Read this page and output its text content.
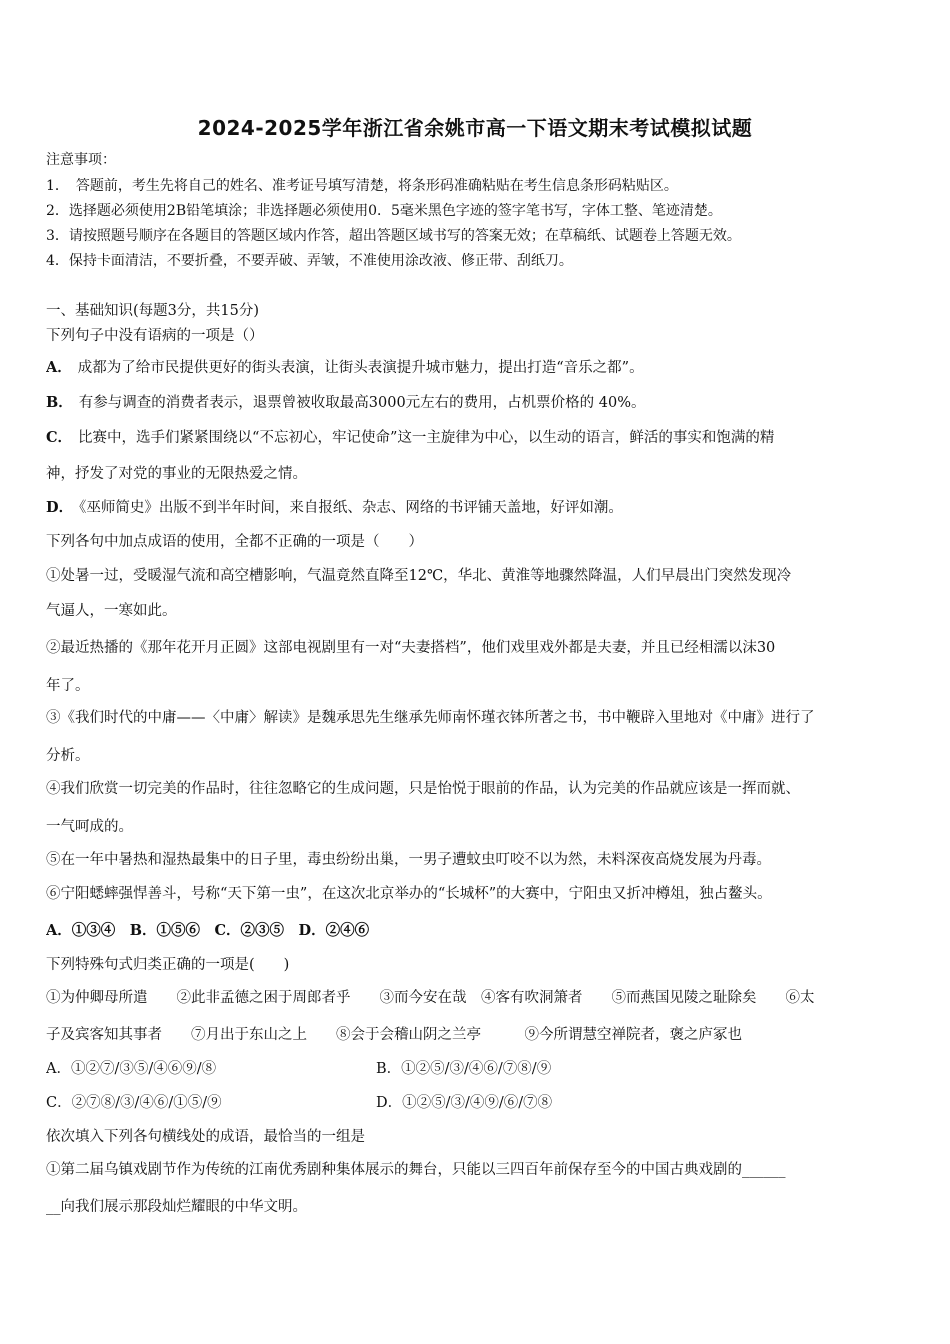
2024-2025学年浙江省余姚市高一下语文期末考试模拟试题
注意事项：
1．　答题前，考生先将自己的姓名、准考证号填写清楚，将条形码准确粘贴在考生信息条形码粘贴区。
2．选择题必须使用2B铅笔填涂；非选择题必须使用0．5毫米黑色字迹的签字笔书写，字体工整、笔迹清楚。
3．请按照题号顺序在各题目的答题区域内作答，超出答题区域书写的答案无效；在草稿纸、试题卷上答题无效。
4．保持卡面清洁，不要折叠，不要弄破、弄皱，不准使用涂改液、修正带、刮纸刀。
一、基础知识(每题3分，共15分)
下列句子中没有语病的一项是（）
A． 成都为了给市民提供更好的街头表演，让街头表演提升城市魅力，提出打造“音乐之都”。
B． 有参与调查的消费者表示，退票曾被收取最高3000元左右的费用，占机票价格的 40%。
C． 比赛中，选手们紧紧围绕以“不忘初心，牢记使命”这一主旋律为中心，以生动的语言，鲜活的事实和饱满的精
神，抒发了对党的事业的无限热爱之情。
D． 《巫师简史》出版不到半年时间，来自报纸、杂志、网络的书评铺天盖地，好评如潮。
下列各句中加点成语的使用，全都不正确的一项是（　　）
①处暑一过，受暖湿气流和高空槽影响，气温竟然直降至12℃，华北、黄淮等地骤然降温，人们早晨出门突然发现冷
气逼人，一寒如此。
②最近热播的《那年花开月正圆》这部电视剧里有一对“夫妻搭档”，他们戏里戏外都是夫妻，并且已经相濡以沫30
年了。
③《我们时代的中庸——〈中庸〉解读》是魏承思先生继承先师南怀瑾衣钵所著之书，书中鞭辟入里地对《中庸》进行了
分析。
④我们欣赏一切完美的作品时，往往忽略它的生成问题，只是怡悦于眼前的作品，认为完美的作品就应该是一挥而就、
一气呵成的。
⑤在一年中暑热和湿热最集中的日子里，毒虫纷纷出巢，一男子遭蚊虫叮咬不以为然，未料深夜高烧发展为丹毒。
⑥宁阳蟋蟀强悍善斗，号称“天下第一虫”，在这次北京举办的“长城杯”的大赛中，宁阳虫又折冲樽俎，独占鳌头。
A．①③④　B．①⑤⑥　C．②③⑤　D．②④⑥
下列特殊句式归类正确的一项是(　　)
①为仲卿母所遣　　②此非孟德之困于周郎者乎　　③而今安在哉　④客有吹洞箫者　　⑤而燕国见陵之耻除矣　　⑥太
子及宾客知其事者　　⑦月出于东山之上　　⑧会于会稽山阴之兰亭　　　⑨今所谓慧空禅院者，褒之庐冢也
A．①②⑦/③⑤/④⑥⑨/⑧	B．①②⑤/③/④⑥/⑦⑧/⑨
C．②⑦⑧/③/④⑥/①⑤/⑨	D．①②⑤/③/④⑨/⑥/⑦⑧
依次填入下列各句横线处的成语，最恰当的一组是
①第二届乌镇戏剧节作为传统的江南优秀剧种集体展示的舞台，只能以三四百年前保存至今的中国古典戏剧的______
__向我们展示那段灿烂耀眼的中华文明。
